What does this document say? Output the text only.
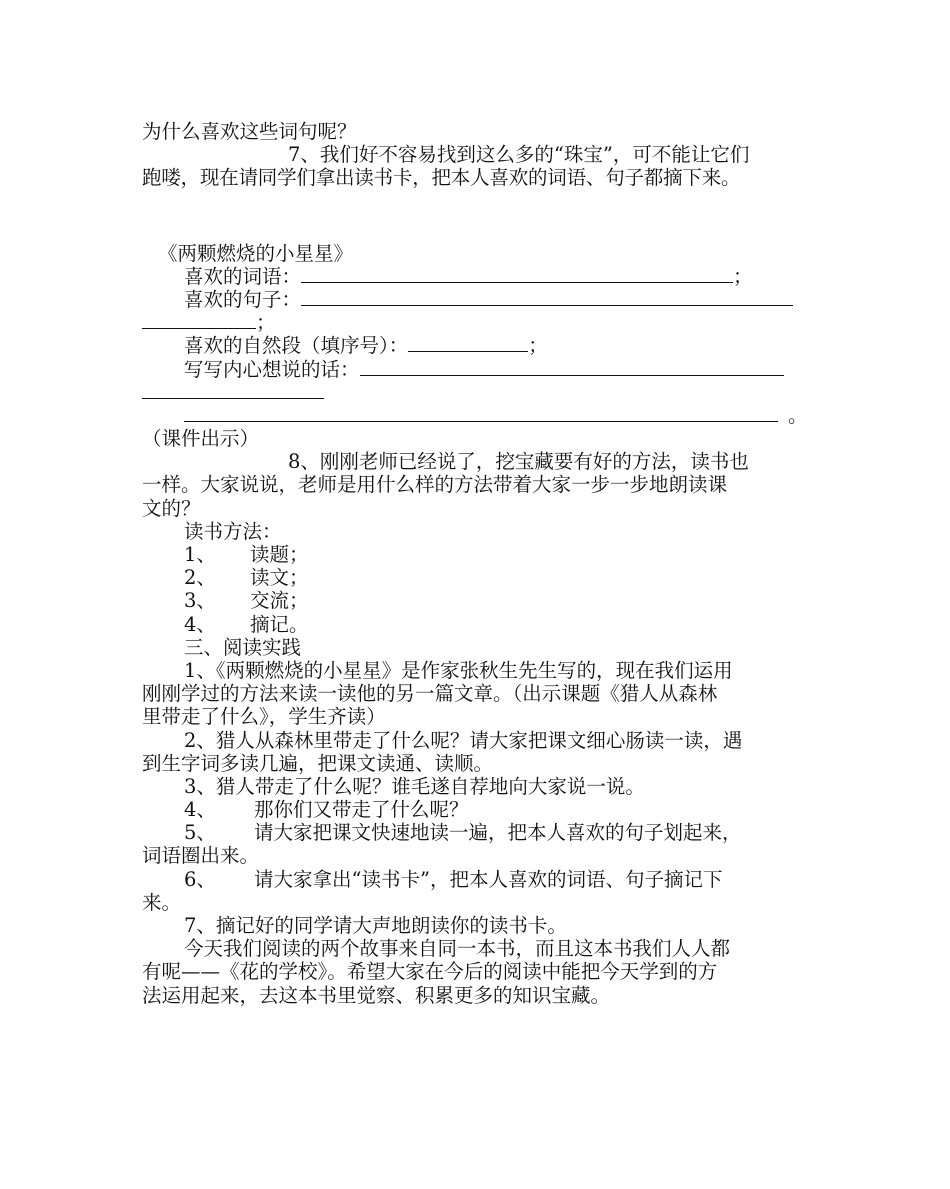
为什么喜欢这些词句呢？
7、我们好不容易找到这么多的“珠宝”，可不能让它们
跑喽，现在请同学们拿出读书卡，把本人喜欢的词语、句子都摘下来。
《两颗燃烧的小星星》
喜欢的词语：	；
喜欢的句子：
；
喜欢的自然段（填序号）：	；
写写内心想说的话：
。
（课件出示）
8、刚刚老师已经说了，挖宝藏要有好的方法，读书也
一样。大家说说，老师是用什么样的方法带着大家一步一步地朗读课
文的？
读书方法：
1、 读题；
2、 读文；
3、 交流；
4、 摘记。
三、阅读实践
1、《两颗燃烧的小星星》是作家张秋生先生写的，现在我们运用
刚刚学过的方法来读一读他的另一篇文章。（出示课题《猎人从森林
里带走了什么》，学生齐读）
2、猎人从森林里带走了什么呢？请大家把课文细心肠读一读，遇
到生字词多读几遍，把课文读通、读顺。
3、猎人带走了什么呢？谁毛遂自荐地向大家说一说。
4、 那你们又带走了什么呢？
5、 请大家把课文快速地读一遍，把本人喜欢的句子划起来，
词语圈出来。
6、 请大家拿出“读书卡”，把本人喜欢的词语、句子摘记下
来。
7、摘记好的同学请大声地朗读你的读书卡。
今天我们阅读的两个故事来自同一本书，而且这本书我们人人都
有呢——《花的学校》。希望大家在今后的阅读中能把今天学到的方
法运用起来，去这本书里觉察、积累更多的知识宝藏。
